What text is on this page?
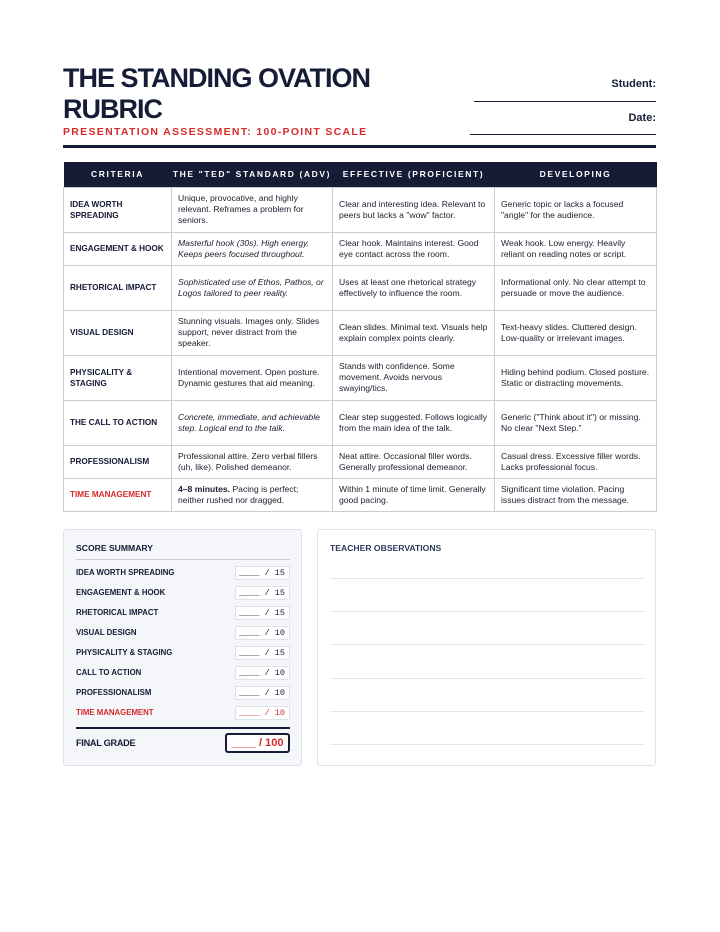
THE STANDING OVATION RUBRIC
PRESENTATION ASSESSMENT: 100-POINT SCALE
Student:
Date:
CRITERIA	THE "TED" STANDARD (ADV)	EFFECTIVE (PROFICIENT)	DEVELOPING
IDEA WORTH SPREADING	Unique, provocative, and highly relevant. Reframes a problem for seniors.	Clear and interesting idea. Relevant to peers but lacks a "wow" factor.	Generic topic or lacks a focused "angle" for the audience.
ENGAGEMENT & HOOK	Masterful hook (30s). High energy. Keeps peers focused throughout.	Clear hook. Maintains interest. Good eye contact across the room.	Weak hook. Low energy. Heavily reliant on reading notes or script.
RHETORICAL IMPACT	Sophisticated use of Ethos, Pathos, or Logos tailored to peer reality.	Uses at least one rhetorical strategy effectively to influence the room.	Informational only. No clear attempt to persuade or move the audience.
VISUAL DESIGN	Stunning visuals. Images only. Slides support, never distract from the speaker.	Clean slides. Minimal text. Visuals help explain complex points clearly.	Text-heavy slides. Cluttered design. Low-quality or irrelevant images.
PHYSICALITY & STAGING	Intentional movement. Open posture. Dynamic gestures that aid meaning.	Stands with confidence. Some movement. Avoids nervous swaying/tics.	Hiding behind podium. Closed posture. Static or distracting movements.
THE CALL TO ACTION	Concrete, immediate, and achievable step. Logical end to the talk.	Clear step suggested. Follows logically from the main idea of the talk.	Generic ("Think about it") or missing. No clear "Next Step."
PROFESSIONALISM	Professional attire. Zero verbal fillers (uh, like). Polished demeanor.	Neat attire. Occasional filler words. Generally professional demeanor.	Casual dress. Excessive filler words. Lacks professional focus.
TIME MANAGEMENT	4–8 minutes. Pacing is perfect; neither rushed nor dragged.	Within 1 minute of time limit. Generally good pacing.	Significant time violation. Pacing issues distract from the message.
SCORE SUMMARY
IDEA WORTH SPREADING	____ / 15
ENGAGEMENT & HOOK	____ / 15
RHETORICAL IMPACT	____ / 15
VISUAL DESIGN	____ / 10
PHYSICALITY & STAGING	____ / 15
CALL TO ACTION	____ / 10
PROFESSIONALISM	____ / 10
TIME MANAGEMENT	____ / 10
FINAL GRADE	____ / 100
TEACHER OBSERVATIONS
